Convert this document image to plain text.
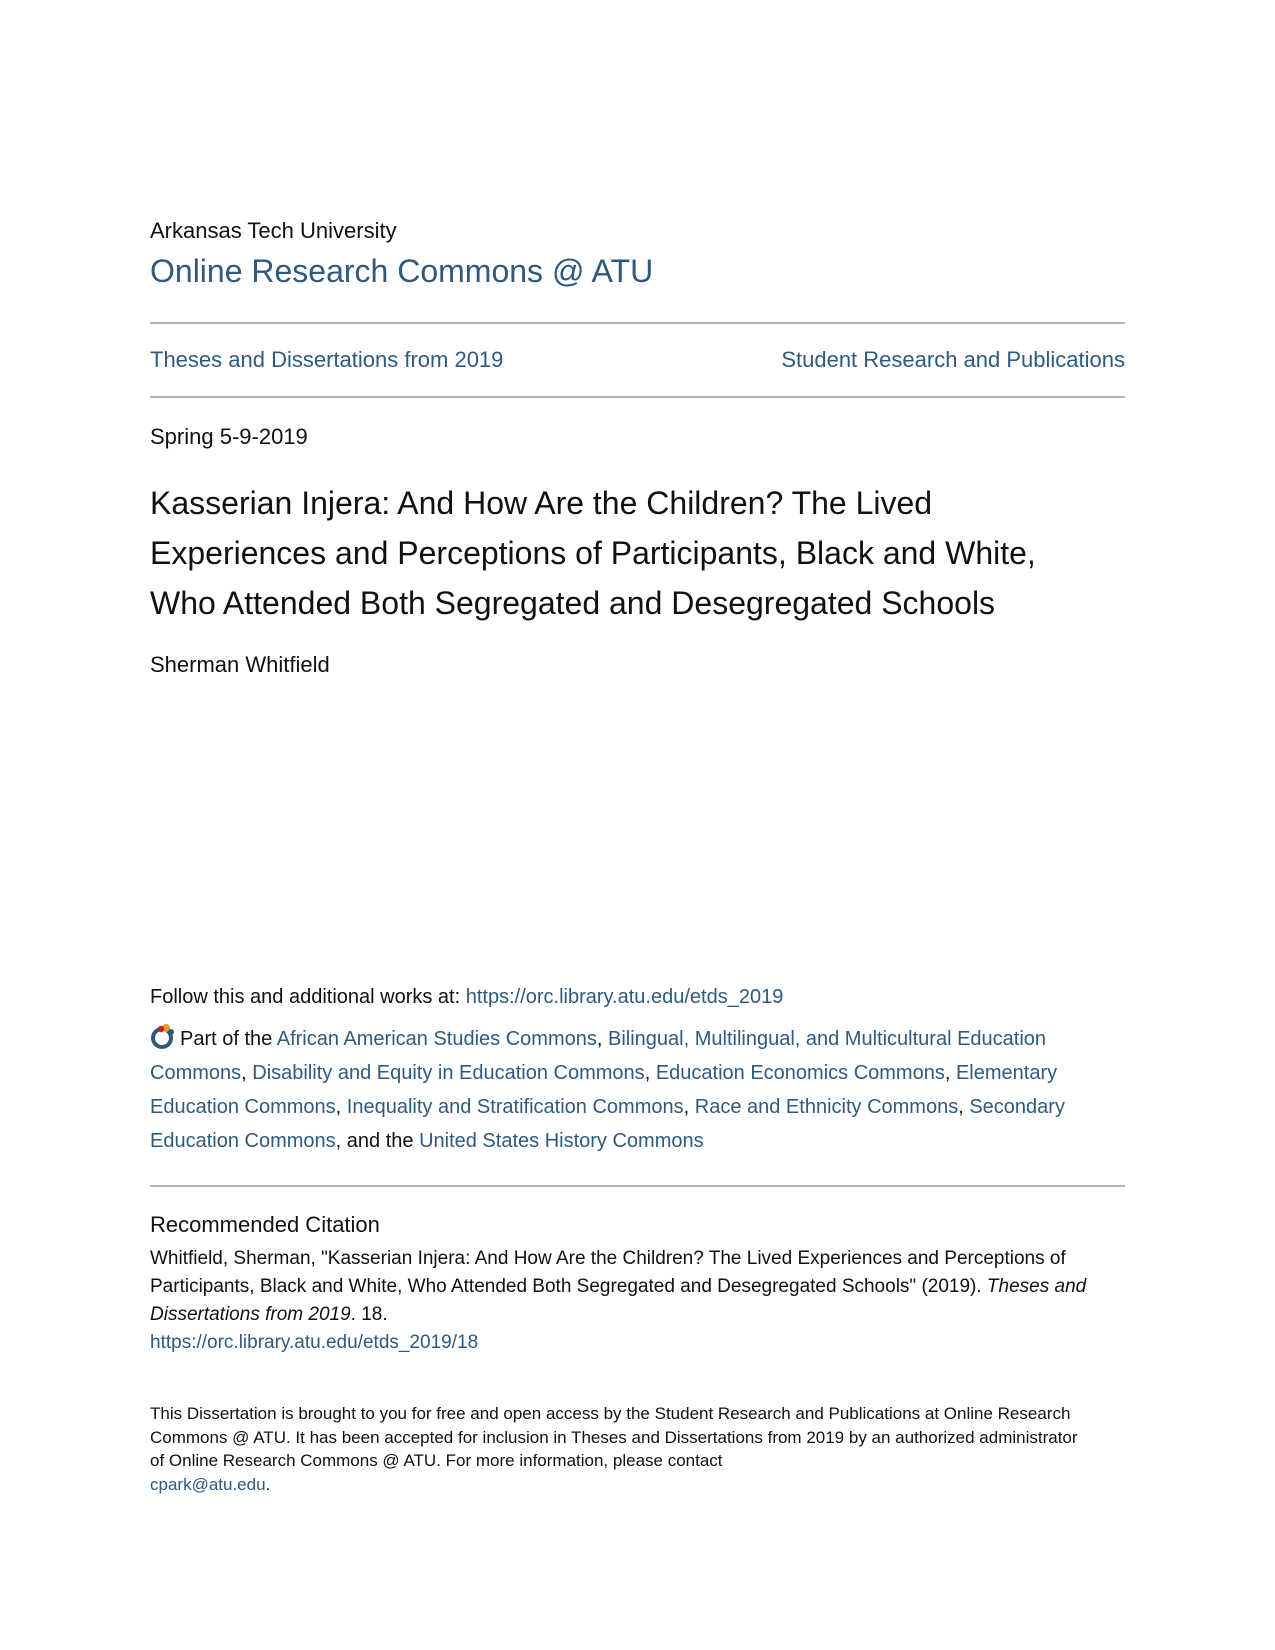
Arkansas Tech University

Online Research Commons @ ATU
Theses and Dissertations from 2019	Student Research and Publications
Spring 5-9-2019
Kasserian Injera: And How Are the Children? The Lived Experiences and Perceptions of Participants, Black and White, Who Attended Both Segregated and Desegregated Schools
Sherman Whitfield
Follow this and additional works at: https://orc.library.atu.edu/etds_2019
Part of the African American Studies Commons, Bilingual, Multilingual, and Multicultural Education Commons, Disability and Equity in Education Commons, Education Economics Commons, Elementary Education Commons, Inequality and Stratification Commons, Race and Ethnicity Commons, Secondary Education Commons, and the United States History Commons
Recommended Citation
Whitfield, Sherman, "Kasserian Injera: And How Are the Children? The Lived Experiences and Perceptions of Participants, Black and White, Who Attended Both Segregated and Desegregated Schools" (2019). Theses and Dissertations from 2019. 18.
https://orc.library.atu.edu/etds_2019/18
This Dissertation is brought to you for free and open access by the Student Research and Publications at Online Research Commons @ ATU. It has been accepted for inclusion in Theses and Dissertations from 2019 by an authorized administrator of Online Research Commons @ ATU. For more information, please contact
cpark@atu.edu.
